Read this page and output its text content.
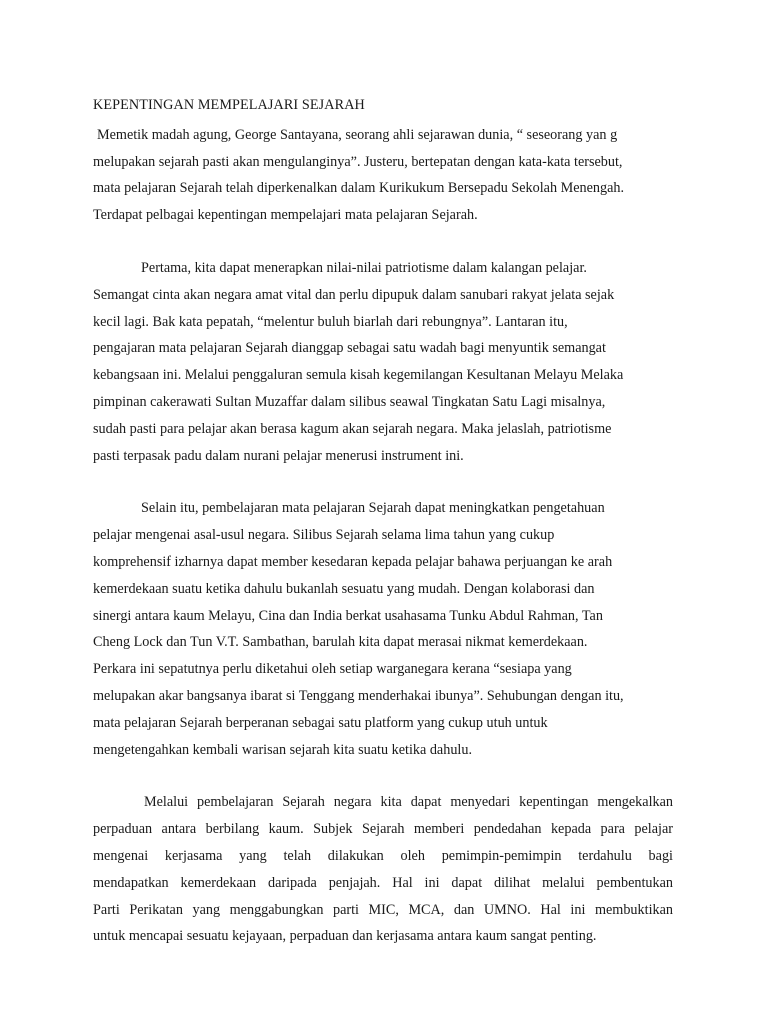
KEPENTINGAN MEMPELAJARI SEJARAH
Memetik madah agung, George Santayana, seorang ahli sejarawan dunia, “ seseorang yan g
melupakan sejarah pasti akan mengulanginya”. Justeru, bertepatan dengan kata-kata tersebut,
mata pelajaran Sejarah telah diperkenalkan dalam Kurikukum Bersepadu Sekolah Menengah.
Terdapat pelbagai kepentingan mempelajari mata pelajaran Sejarah.
Pertama, kita dapat menerapkan nilai-nilai patriotisme dalam kalangan pelajar.
Semangat cinta akan negara amat vital dan perlu dipupuk dalam sanubari rakyat jelata sejak
kecil lagi. Bak kata pepatah, “melentur buluh biarlah dari rebungnya”. Lantaran itu,
pengajaran mata pelajaran Sejarah dianggap sebagai satu wadah bagi menyuntik semangat
kebangsaan ini. Melalui penggaluran semula kisah kegemilangan Kesultanan Melayu Melaka
pimpinan cakerawati Sultan Muzaffar dalam silibus seawal Tingkatan Satu Lagi misalnya,
sudah pasti para pelajar akan berasa kagum akan sejarah negara. Maka jelaslah, patriotisme
pasti terpasak padu dalam nurani pelajar menerusi instrument ini.
Selain itu, pembelajaran mata pelajaran Sejarah dapat meningkatkan pengetahuan
pelajar mengenai asal-usul negara. Silibus Sejarah selama lima tahun yang cukup
komprehensif izharnya dapat member kesedaran kepada pelajar bahawa perjuangan ke arah
kemerdekaan suatu ketika dahulu bukanlah sesuatu yang mudah. Dengan kolaborasi dan
sinergi antara kaum Melayu, Cina dan India berkat usahasama Tunku Abdul Rahman, Tan
Cheng Lock dan Tun V.T. Sambathan, barulah kita dapat merasai nikmat kemerdekaan.
Perkara ini sepatutnya perlu diketahui oleh setiap warganegara kerana “sesiapa yang
melupakan akar bangsanya ibarat si Tenggang menderhakai ibunya”. Sehubungan dengan itu,
mata pelajaran Sejarah berperanan sebagai satu platform yang cukup utuh untuk
mengetengahkan kembali warisan sejarah kita suatu ketika dahulu.
Melalui pembelajaran Sejarah negara kita dapat menyedari kepentingan mengekalkan
perpaduan antara berbilang kaum. Subjek Sejarah memberi pendedahan kepada para pelajar
mengenai kerjasama yang telah dilakukan oleh pemimpin-pemimpin terdahulu bagi
mendapatkan kemerdekaan daripada penjajah. Hal ini dapat dilihat melalui pembentukan
Parti Perikatan yang menggabungkan parti MIC, MCA, dan UMNO. Hal ini membuktikan
untuk mencapai sesuatu kejayaan, perpaduan dan kerjasama antara kaum sangat penting.
